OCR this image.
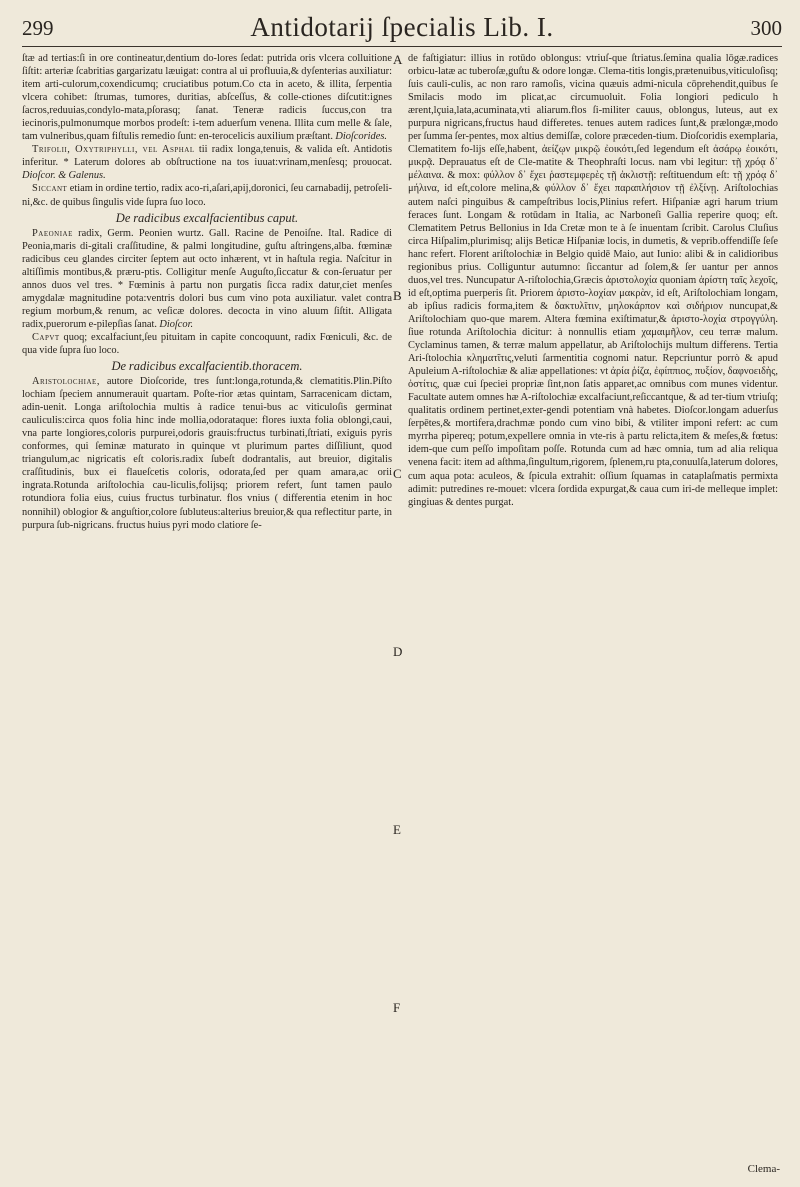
299	Antidotarij ſpecialis Lib. I.	300

ſtæ ad tertias:ſi in ore contineatur,dentium do-lores ſedat: putrida oris vlcera colluitione ſiſtit: arteriæ ſcabritias gargarizatu læuigat: contra al ui profluuia,& dyſenterias auxiliatur: item arti-culorum,coxendicumq; cruciatibus potum.Co cta in aceto, & illita, ſerpentia vlcera cohibet: ſtrumas, tumores, duritias, abſceſſus, & colle-ctiones diſcutit:ignes ſacros,reduuias,condylo-mata,pſorasq; ſanat. Teneræ radicis ſuccus,con tra iecinoris,pulmonumque morbos prodeſt: i-tem aduerſum venena. Illita cum melle & ſale, tam vulneribus,quam fiſtulis remedio ſunt: en-terocelicis auxilium præſtant. Dioſcorides.

Trifolii, Oxytriphylli, vel Asphal tii radix longa,tenuis, & valida eſt. Antidotis inferitur. * Laterum dolores ab obſtructione na tos iuuat:vrinam,menſesq; prouocat. Dioſcor. & Galenus.

Siccant etiam in ordine tertio, radix aco-ri,aſari,apij,doronici, ſeu carnabadij, petroſeli-ni,&c. de quibus ſingulis vide ſupra ſuo loco.

De radicibus excalfacientibus caput.

Paeoniae radix, Germ. Peonien wurtz. Gall. Racine de Penoiſne. Ital. Radice di Peonia,maris di-gitali craſſitudine, & palmi longitudine, guſtu aſtringens,alba. fœminæ radicibus ceu glandes circiter ſeptem aut octo inhærent, vt in haſtula regia. Naſcitur in altiſſimis montibus,& præru-ptis. Colligitur menſe Auguſto,ſiccatur & con-ſeruatur per annos duos vel tres. * Fœminis à partu non purgatis ſicca radix datur,ciet menſes amygdalæ magnitudine pota:ventris dolori bus cum vino pota auxiliatur. valet contra regium morbum,& renum, ac veſicæ dolores. decocta in vino aluum ſiſtit. Alligata radix,puerorum e-pilepſias ſanat. Dioſcor.

Capvt quoq; excalfaciunt,ſeu pituitam in capite concoquunt, radix Fœniculi, &c. de qua vide ſupra ſuo loco.

De radicibus excalfacientib.thoracem.

Aristolochiae, autore Dioſcoride, tres ſunt:longa,rotunda,& clematitis.Plin.Piſto lochiam ſpeciem annumerauit quartam. Poſte-rior ætas quintam, Sarracenicam dictam, adin-uenit. Longa ariſtolochia multis à radice tenui-bus ac viticuloſis germinat cauliculis:circa quos folia hinc inde mollia,odorataque: flores iuxta folia oblongi,caui, vna parte longiores,coloris purpurei,odoris grauis:fructus turbinati,ſtriati, exiguis pyris conformes, qui ſeminæ maturato in quinque vt plurimum partes diſſiliunt, quod triangulum,ac nigricatis eſt coloris.radix ſubeſt dodrantalis, aut breuior, digitalis craſſitudinis, bux ei flaueſcetis coloris, odorata,ſed per quam amara,ac orii ingrata.Rotunda ariſtolochia cau-liculis,folijsq; priorem refert, ſunt tamen paulo rotundiora folia eius, cuius fructus turbinatur. flos vnius ( differentia etenim in hoc nonnihil) oblogior & anguſtior,colore ſubluteus:alterius breuior,& qua reflectitur parte, in purpura ſub-nigricans. fructus huius pyri modo clatiore ſe-

de faſtigiatur: illius in rotūdo oblongus: vtriuſ-que ſtriatus.ſemina qualia lōgæ.radices orbicu-latæ ac tuberoſæ,guſtu & odore longæ. Clema-titis longis,prætenuibus,viticuloſisq; ſuis cauli-culis, ac non raro ramoſis, vicina quæuis admi-nicula cōprehendit,quibus ſe Smilacis modo im plicat,ac circumuoluit. Folia longiori pediculo h ærent,lçuia,lata,acuminata,vti aliarum.flos ſi-militer cauus, oblongus, luteus, aut ex purpura nigricans,fructus haud differetes. tenues autem radices ſunt,& prælongæ,modo per ſumma ſer-pentes, mox altius demiſſæ, colore præceden-tium. Dioſcoridis exemplaria, Clematitem fo-lijs eſſe,habent, ἀείζῳν μικρῷ ἐοικότι,ſed legendum eſt ἀσάρῳ ἐοικότι, μικρᾷ. Deprauatus eſt de Cle-matite & Theophraſti locus. nam vbi legitur: τῇ χρόᾳ δ᾽ μέλαινα. & mox: φύλλον δ᾽ ἔχει ῥαστεμφερὲς τῇ ἀκλιστῇ: reſtituendum eſt: τῇ χρόᾳ δ᾽ μήλινα, id eſt,colore melina,& φύλλον δ᾽ ἔχει παραπλήσιον τῇ ἐλξίνῃ. Ariſtolochias autem naſci pinguibus & campeſtribus locis,Plinius refert. Hiſpaniæ agri harum trium feraces ſunt. Longam & rotūdam in Italia, ac Narboneſi Gallia reperire quoq; eſt. Clematitem Petrus Bellonius in Ida Cretæ mon te à ſe inuentam ſcribit. Carolus Cluſius circa Hiſpalim,plurimisq; alijs Beticæ Hiſpaniæ locis, in dumetis, & veprib.offendiſſe ſeſe hanc refert. Florent ariſtolochiæ in Belgio quidē Maio, aut Iunio: alibi & in calidioribus regionibus prius. Colliguntur autumno: ſiccantur ad ſolem,& ſer uantur per annos duos,vel tres. Nuncupatur A-riſtolochia,Græcis ἀριστολοχία quoniam ἀρίστη ταῖς λεχοῖς, id eſt,optima puerperis ſit. Priorem ἀριστο-λοχίαν μακρὰν, id eſt, Ariſtolochiam longam, ab ipſius radicis forma,item & δακτυλῖτιν, μηλοκάρπον καὶ σιδήριον nuncupat,& Ariſtolochiam quo-que marem. Altera fœmina exiſtimatur,& ἀριστο-λοχία στρογγύλη. ſiue rotunda Ariſtolochia dicitur: à nonnullis etiam χαμαιμῆλον, ceu terræ malum. Cyclaminus tamen, & terræ malum appellatur, ab Ariſtolochijs multum differens. Tertia Ari-ſtolochia κληματῖτις,veluti ſarmentitia cognomi natur. Repcriuntur porrò & apud Apuleium A-riſtolochiæ & aliæ appellationes: vt ἀρία ῥίζα, ἐφίππιος, πυξίον, δαφνοειδὴς, ὀστίτις, quæ cui ſpeciei propriæ ſint,non ſatis apparet,ac omnibus com munes videntur. Facultate autem omnes hæ A-riſtolochiæ excalfaciunt,reſiccantque, & ad ter-tium vtriuſq; qualitatis ordinem pertinet,exter-gendi potentiam vnà habetes. Dioſcor.longam aduerſus ſerpētes,& mortifera,drachmæ pondo cum vino bibi, & vtiliter imponi refert: ac cum myrrha pipereq; potum,expellere omnia in vte-ris à partu relicta,item & meſes,& fœtus: idem-que cum peſſo impoſitam poſſe. Rotunda cum ad hæc omnia, tum ad alia reliqua venena facit: item ad aſthma,ſingultum,rigorem, ſplenem,ru pta,conuulſa,laterum dolores, cum aqua pota: aculeos, & ſpicula extrahit: oſſium ſquamas in cataplaſmatis permixta adimit: putredines re-mouet: vlcera ſordida expurgat,& caua cum iri-de melleque implet: gingiuas & dentes purgat.

A
B
C
D
E
F
Clema-
